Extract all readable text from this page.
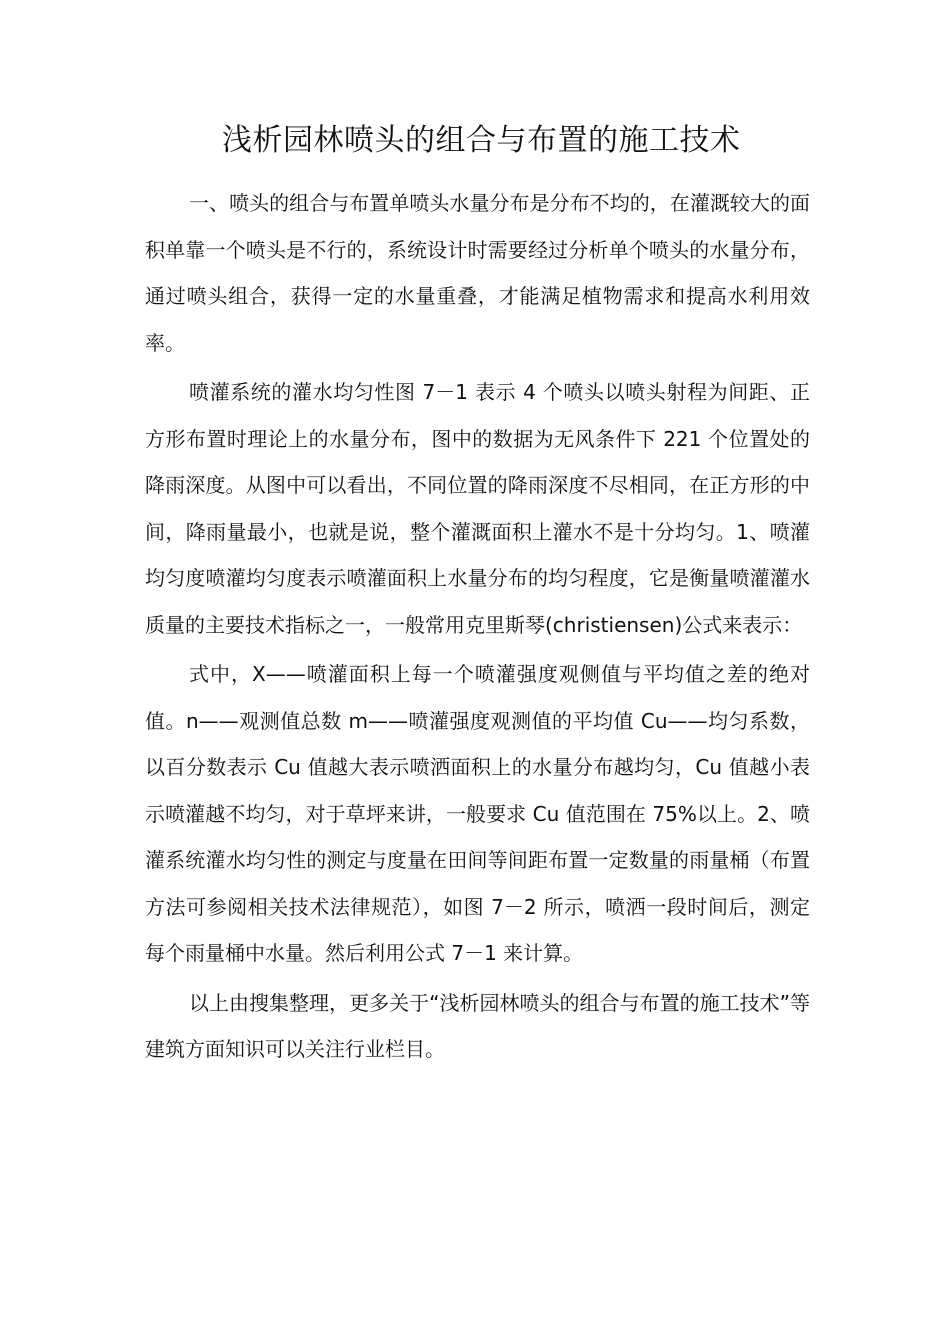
浅析园林喷头的组合与布置的施工技术

一、喷头的组合与布置单喷头水量分布是分布不均的，在灌溉较大的面积单靠一个喷头是不行的，系统设计时需要经过分析单个喷头的水量分布，通过喷头组合，获得一定的水量重叠，才能满足植物需求和提高水利用效率。

喷灌系统的灌水均匀性图 7－1 表示 4 个喷头以喷头射程为间距、正方形布置时理论上的水量分布，图中的数据为无风条件下 221 个位置处的降雨深度。从图中可以看出，不同位置的降雨深度不尽相同，在正方形的中间，降雨量最小，也就是说，整个灌溉面积上灌水不是十分均匀。1、喷灌均匀度喷灌均匀度表示喷灌面积上水量分布的均匀程度，它是衡量喷灌灌水质量的主要技术指标之一，一般常用克里斯琴(christiensen)公式来表示：

式中，X——喷灌面积上每一个喷灌强度观侧值与平均值之差的绝对值。n——观测值总数 m——喷灌强度观测值的平均值 Cu——均匀系数，以百分数表示 Cu 值越大表示喷洒面积上的水量分布越均匀，Cu 值越小表示喷灌越不均匀，对于草坪来讲，一般要求 Cu 值范围在 75%以上。2、喷灌系统灌水均匀性的测定与度量在田间等间距布置一定数量的雨量桶（布置方法可参阅相关技术法律规范），如图 7－2 所示，喷洒一段时间后，测定每个雨量桶中水量。然后利用公式 7－1 来计算。

以上由搜集整理，更多关于“浅析园林喷头的组合与布置的施工技术”等建筑方面知识可以关注行业栏目。
